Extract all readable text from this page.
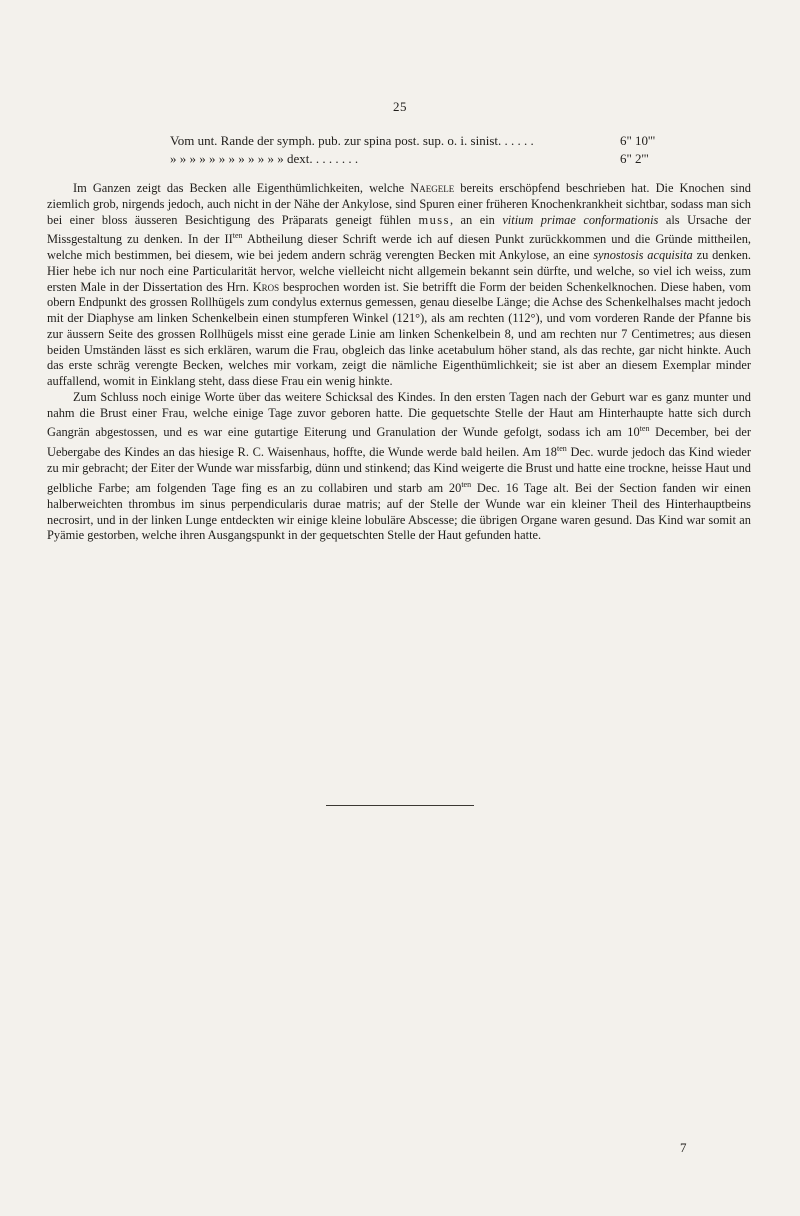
25
Vom unt. Rande der symph. pub. zur spina post. sup. o. i. sinist. . . . . .	6" 10'''
» » » » » » » » » » » » dext. . . . . . . .	6" 2'''

Im Ganzen zeigt das Becken alle Eigenthümlichkeiten, welche Naegele bereits erschöpfend beschrieben hat. Die Knochen sind ziemlich grob, nirgends jedoch, auch nicht in der Nähe der Ankylose, sind Spuren einer früheren Knochenkrankheit sichtbar, sodass man sich bei einer bloss äusseren Besichtigung des Präparats geneigt fühlen muss, an ein vitium primae conformationis als Ursache der Missgestaltung zu denken. In der $II^{ten}$ Abtheilung dieser Schrift werde ich auf diesen Punkt zurückkommen und die Gründe mittheilen, welche mich bestimmen, bei diesem, wie bei jedem andern schräg verengten Becken mit Ankylose, an eine synostosis acquisita zu denken. Hier hebe ich nur noch eine Particularität hervor, welche vielleicht nicht allgemein bekannt sein dürfte, und welche, so viel ich weiss, zum ersten Male in der Dissertation des Hrn. Kros besprochen worden ist. Sie betrifft die Form der beiden Schenkelknochen. Diese haben, vom obern Endpunkt des grossen Rollhügels zum condylus externus gemessen, genau dieselbe Länge; die Achse des Schenkelhalses macht jedoch mit der Diaphyse am linken Schenkelbein einen stumpferen Winkel (121°), als am rechten (112°), und vom vorderen Rande der Pfanne bis zur äussern Seite des grossen Rollhügels misst eine gerade Linie am linken Schenkelbein 8, und am rechten nur 7 Centimetres; aus diesen beiden Umständen lässt es sich erklären, warum die Frau, obgleich das linke acetabulum höher stand, als das rechte, gar nicht hinkte. Auch das erste schräg verengte Becken, welches mir vorkam, zeigt die nämliche Eigenthümlichkeit; sie ist aber an diesem Exemplar minder auffallend, womit in Einklang steht, dass diese Frau ein wenig hinkte.

Zum Schluss noch einige Worte über das weitere Schicksal des Kindes. In den ersten Tagen nach der Geburt war es ganz munter und nahm die Brust einer Frau, welche einige Tage zuvor geboren hatte. Die gequetschte Stelle der Haut am Hinterhaupte hatte sich durch Gangrän abgestossen, und es war eine gutartige Eiterung und Granulation der Wunde gefolgt, sodass ich am $10^{ten}$ December, bei der Uebergabe des Kindes an das hiesige R. C. Waisenhaus, hoffte, die Wunde werde bald heilen. Am $18^{ten}$ Dec. wurde jedoch das Kind wieder zu mir gebracht; der Eiter der Wunde war missfarbig, dünn und stinkend; das Kind weigerte die Brust und hatte eine trockne, heisse Haut und gelbliche Farbe; am folgenden Tage fing es an zu collabiren und starb am $20^{ten}$ Dec. 16 Tage alt. Bei der Section fanden wir einen halberweichten thrombus im sinus perpendicularis durae matris; auf der Stelle der Wunde war ein kleiner Theil des Hinterhauptbeins necrosirt, und in der linken Lunge entdeckten wir einige kleine lobuläre Abscesse; die übrigen Organe waren gesund. Das Kind war somit an Pyämie gestorben, welche ihren Ausgangspunkt in der gequetschten Stelle der Haut gefunden hatte.

7
